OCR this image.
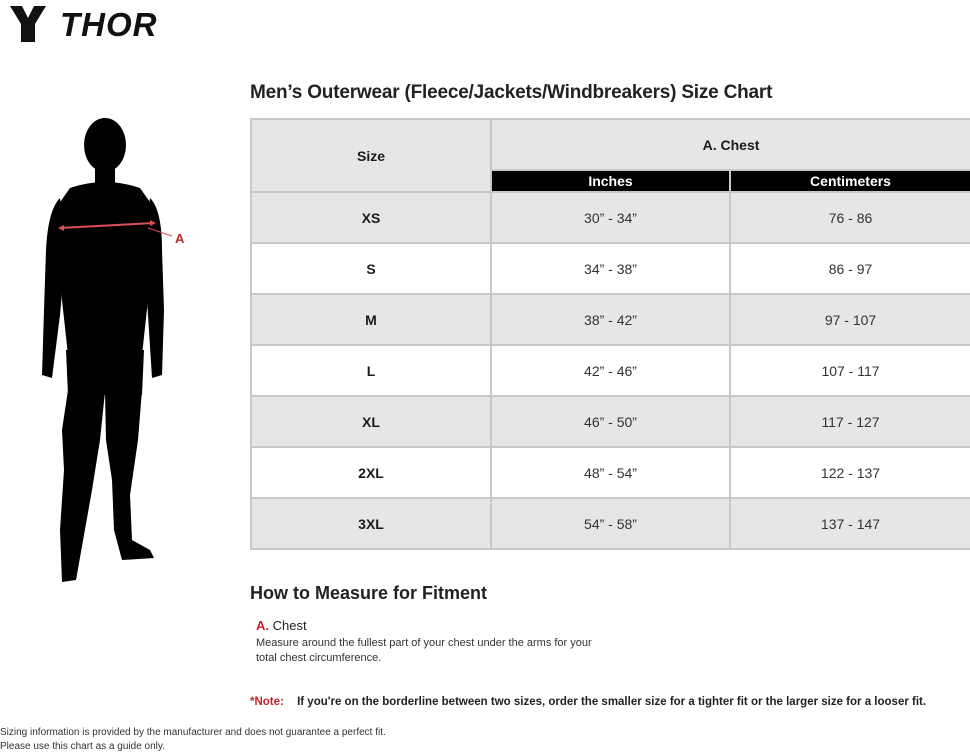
THOR
A
Men’s Outerwear (Fleece/Jackets/Windbreakers) Size Chart
Size	A. Chest	
	Inches	Centimeters
XS	30” - 34”	76 - 86
S	34” - 38”	86 - 97
M	38” - 42”	97 - 107
L	42” - 46”	107 - 117
XL	46” - 50”	117 - 127
2XL	48” - 54”	122 - 137
3XL	54” - 58”	137 - 147
How to Measure for Fitment
A. Chest
Measure around the fullest part of your chest under the arms for your
total chest circumference.
*Note: If you're on the borderline between two sizes, order the smaller size for a tighter fit or the larger size for a looser fit.
Sizing information is provided by the manufacturer and does not guarantee a perfect fit.
Please use this chart as a guide only.
